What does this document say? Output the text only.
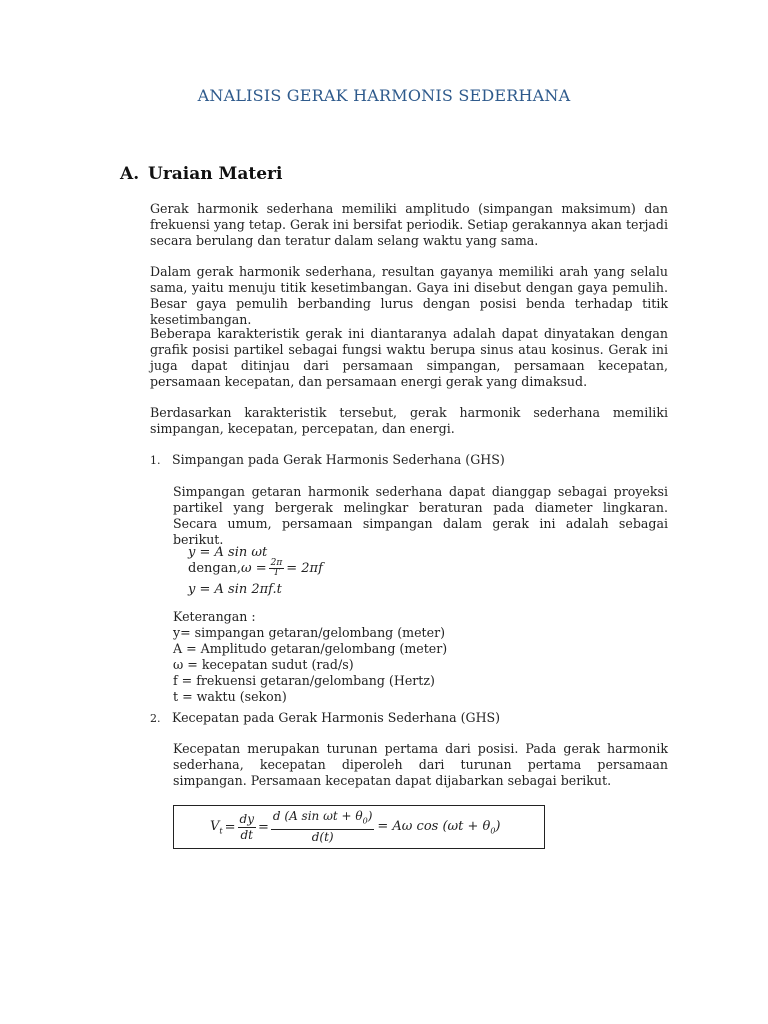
ANALISIS GERAK HARMONIS SEDERHANA
A. Uraian Materi
Gerak harmonik sederhana memiliki amplitudo (simpangan maksimum) dan frekuensi yang tetap. Gerak ini bersifat periodik. Setiap gerakannya akan terjadi secara berulang dan teratur dalam selang waktu yang sama.
Dalam gerak harmonik sederhana, resultan gayanya memiliki arah yang selalu sama, yaitu menuju titik kesetimbangan. Gaya ini disebut dengan gaya pemulih. Besar gaya pemulih berbanding lurus dengan posisi benda terhadap titik kesetimbangan.
Beberapa karakteristik gerak ini diantaranya adalah dapat dinyatakan dengan grafik posisi partikel sebagai fungsi waktu berupa sinus atau kosinus. Gerak ini juga dapat ditinjau dari persamaan simpangan, persamaan kecepatan, persamaan kecepatan, dan persamaan energi gerak yang dimaksud.
Berdasarkan karakteristik tersebut, gerak harmonik sederhana memiliki simpangan, kecepatan, percepatan, dan energi.
1. Simpangan pada Gerak Harmonis Sederhana (GHS)
Simpangan getaran harmonik sederhana dapat dianggap sebagai proyeksi partikel yang bergerak melingkar beraturan pada diameter lingkaran. Secara umum, persamaan simpangan dalam gerak ini adalah sebagai berikut.
y = A sin ωt
dengan, $\omega = \frac{2\pi}{T} = 2\pi f$
y = A sin 2πf.t
Keterangan :
y= simpangan getaran/gelombang (meter)
A = Amplitudo getaran/gelombang (meter)
ω = kecepatan sudut (rad/s)
f = frekuensi getaran/gelombang (Hertz)
t = waktu (sekon)
2. Kecepatan pada Gerak Harmonis Sederhana (GHS)
Kecepatan merupakan turunan pertama dari posisi. Pada gerak harmonik sederhana, kecepatan diperoleh dari turunan pertama persamaan simpangan. Persamaan kecepatan dapat dijabarkan sebagai berikut.
$V_t = \frac{dy}{dt} = \frac{d (A \sin \omega t + \theta_0)}{d(t)} = A\omega$ $\cos (\omega t + \theta_0)$
